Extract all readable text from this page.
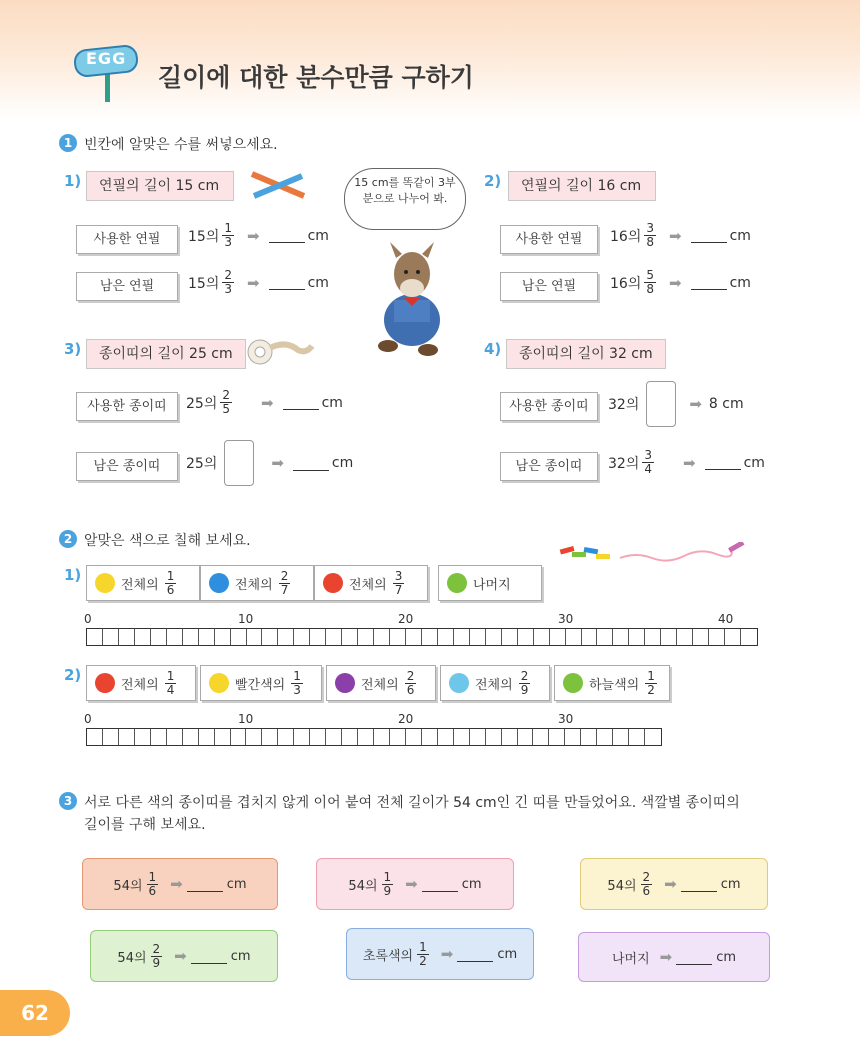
EGG
길이에 대한 분수만큼 구하기
1 빈칸에 알맞은 수를 써넣으세요.
1)	연필의 길이 15 cm
사용한 연필	15의 $\frac{1}{3}$ ➡	cm
남은 연필	15의 $\frac{2}{3}$ ➡	cm
15 cm를 똑같이 3부분으로 나누어 봐.
2)	연필의 길이 16 cm
사용한 연필	16의 $\frac{3}{8}$ ➡	cm
남은 연필	16의 $\frac{5}{8}$ ➡	cm
3)	종이띠의 길이 25 cm
사용한 종이띠	25의 $\frac{2}{5}$ ➡	cm
남은 종이띠	25의	➡	cm
4)	종이띠의 길이 32 cm
사용한 종이띠	32의	➡ 8 cm
남은 종이띠	32의 $\frac{3}{4}$ ➡	cm
2 알맞은 색으로 칠해 보세요.
1)
전체의 $\frac{1}{6}$	전체의 $\frac{2}{7}$	전체의 $\frac{3}{7}$	나머지
0	10	20	30	40
2)
전체의 $\frac{1}{4}$	빨간색의 $\frac{1}{3}$	전체의 $\frac{2}{6}$	전체의 $\frac{2}{9}$	하늘색의 $\frac{1}{2}$
0	10	20	30
3 서로 다른 색의 종이띠를 겹치지 않게 이어 붙여 전체 길이가 54 cm인 긴 띠를 만들었어요. 색깔별 종이띠의
길이를 구해 보세요.
54의 $\frac{1}{6}$ ➡	cm	54의 $\frac{1}{9}$ ➡	cm	54의 $\frac{2}{6}$ ➡	cm
54의 $\frac{2}{9}$ ➡	cm	초록색의 $\frac{1}{2}$ ➡	cm	나머지 ➡	cm
62
